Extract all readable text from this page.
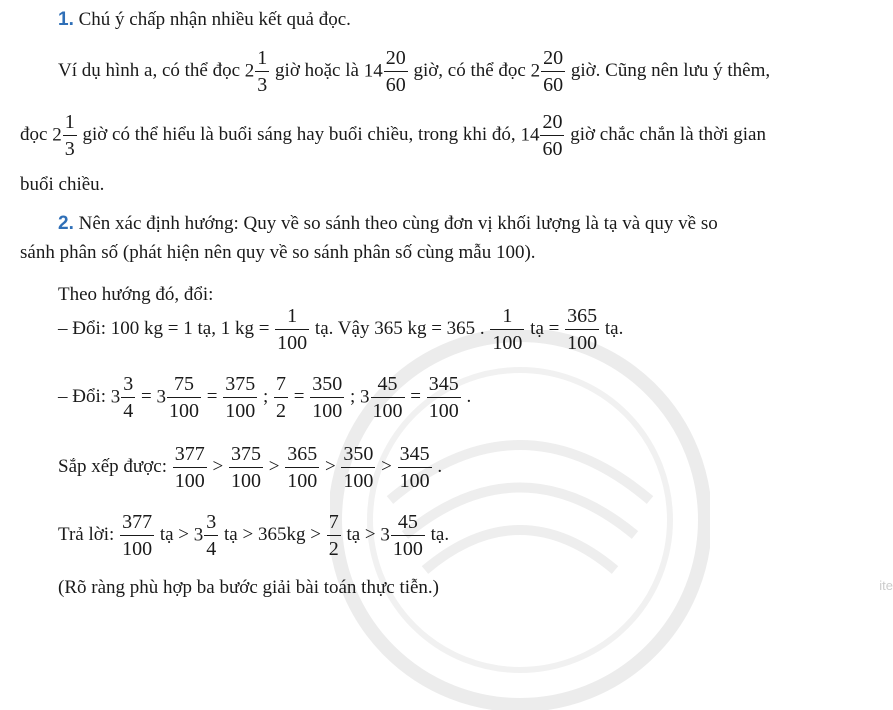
1. Chú ý chấp nhận nhiều kết quả đọc.
Ví dụ hình a, có thể đọc $2 \frac{1}{3}$ giờ hoặc là $14 \frac{20}{60}$ giờ, có thể đọc $2 \frac{20}{60}$ giờ. Cũng nên lưu ý thêm,
đọc $2 \frac{1}{3}$ giờ có thể hiểu là buổi sáng hay buổi chiều, trong khi đó, $14 \frac{20}{60}$ giờ chắc chắn là thời gian
buổi chiều.
2. Nên xác định hướng: Quy về so sánh theo cùng đơn vị khối lượng là tạ và quy về so
sánh phân số (phát hiện nên quy về so sánh phân số cùng mẫu 100).
Theo hướng đó, đổi:
– Đổi: 100 kg = 1 tạ, 1 kg = $\frac{1}{100}$ tạ. Vậy 365 kg = 365 . $\frac{1}{100}$ tạ = $\frac{365}{100}$ tạ.
– Đổi: $3 \frac{3}{4} = 3 \frac{75}{100} = \frac{375}{100}$ ; $\frac{7}{2} = \frac{350}{100}$ ; $3 \frac{45}{100} = \frac{345}{100}$ .
Sắp xếp được: $\frac{377}{100} > \frac{375}{100} > \frac{365}{100} > \frac{350}{100} > \frac{345}{100}$ .
Trả lời: $\frac{377}{100}$ tạ > $3 \frac{3}{4}$ tạ > $365kg > \frac{7}{2}$ tạ > $3 \frac{45}{100}$ tạ.
(Rõ ràng phù hợp ba bước giải bài toán thực tiễn.)	ite
